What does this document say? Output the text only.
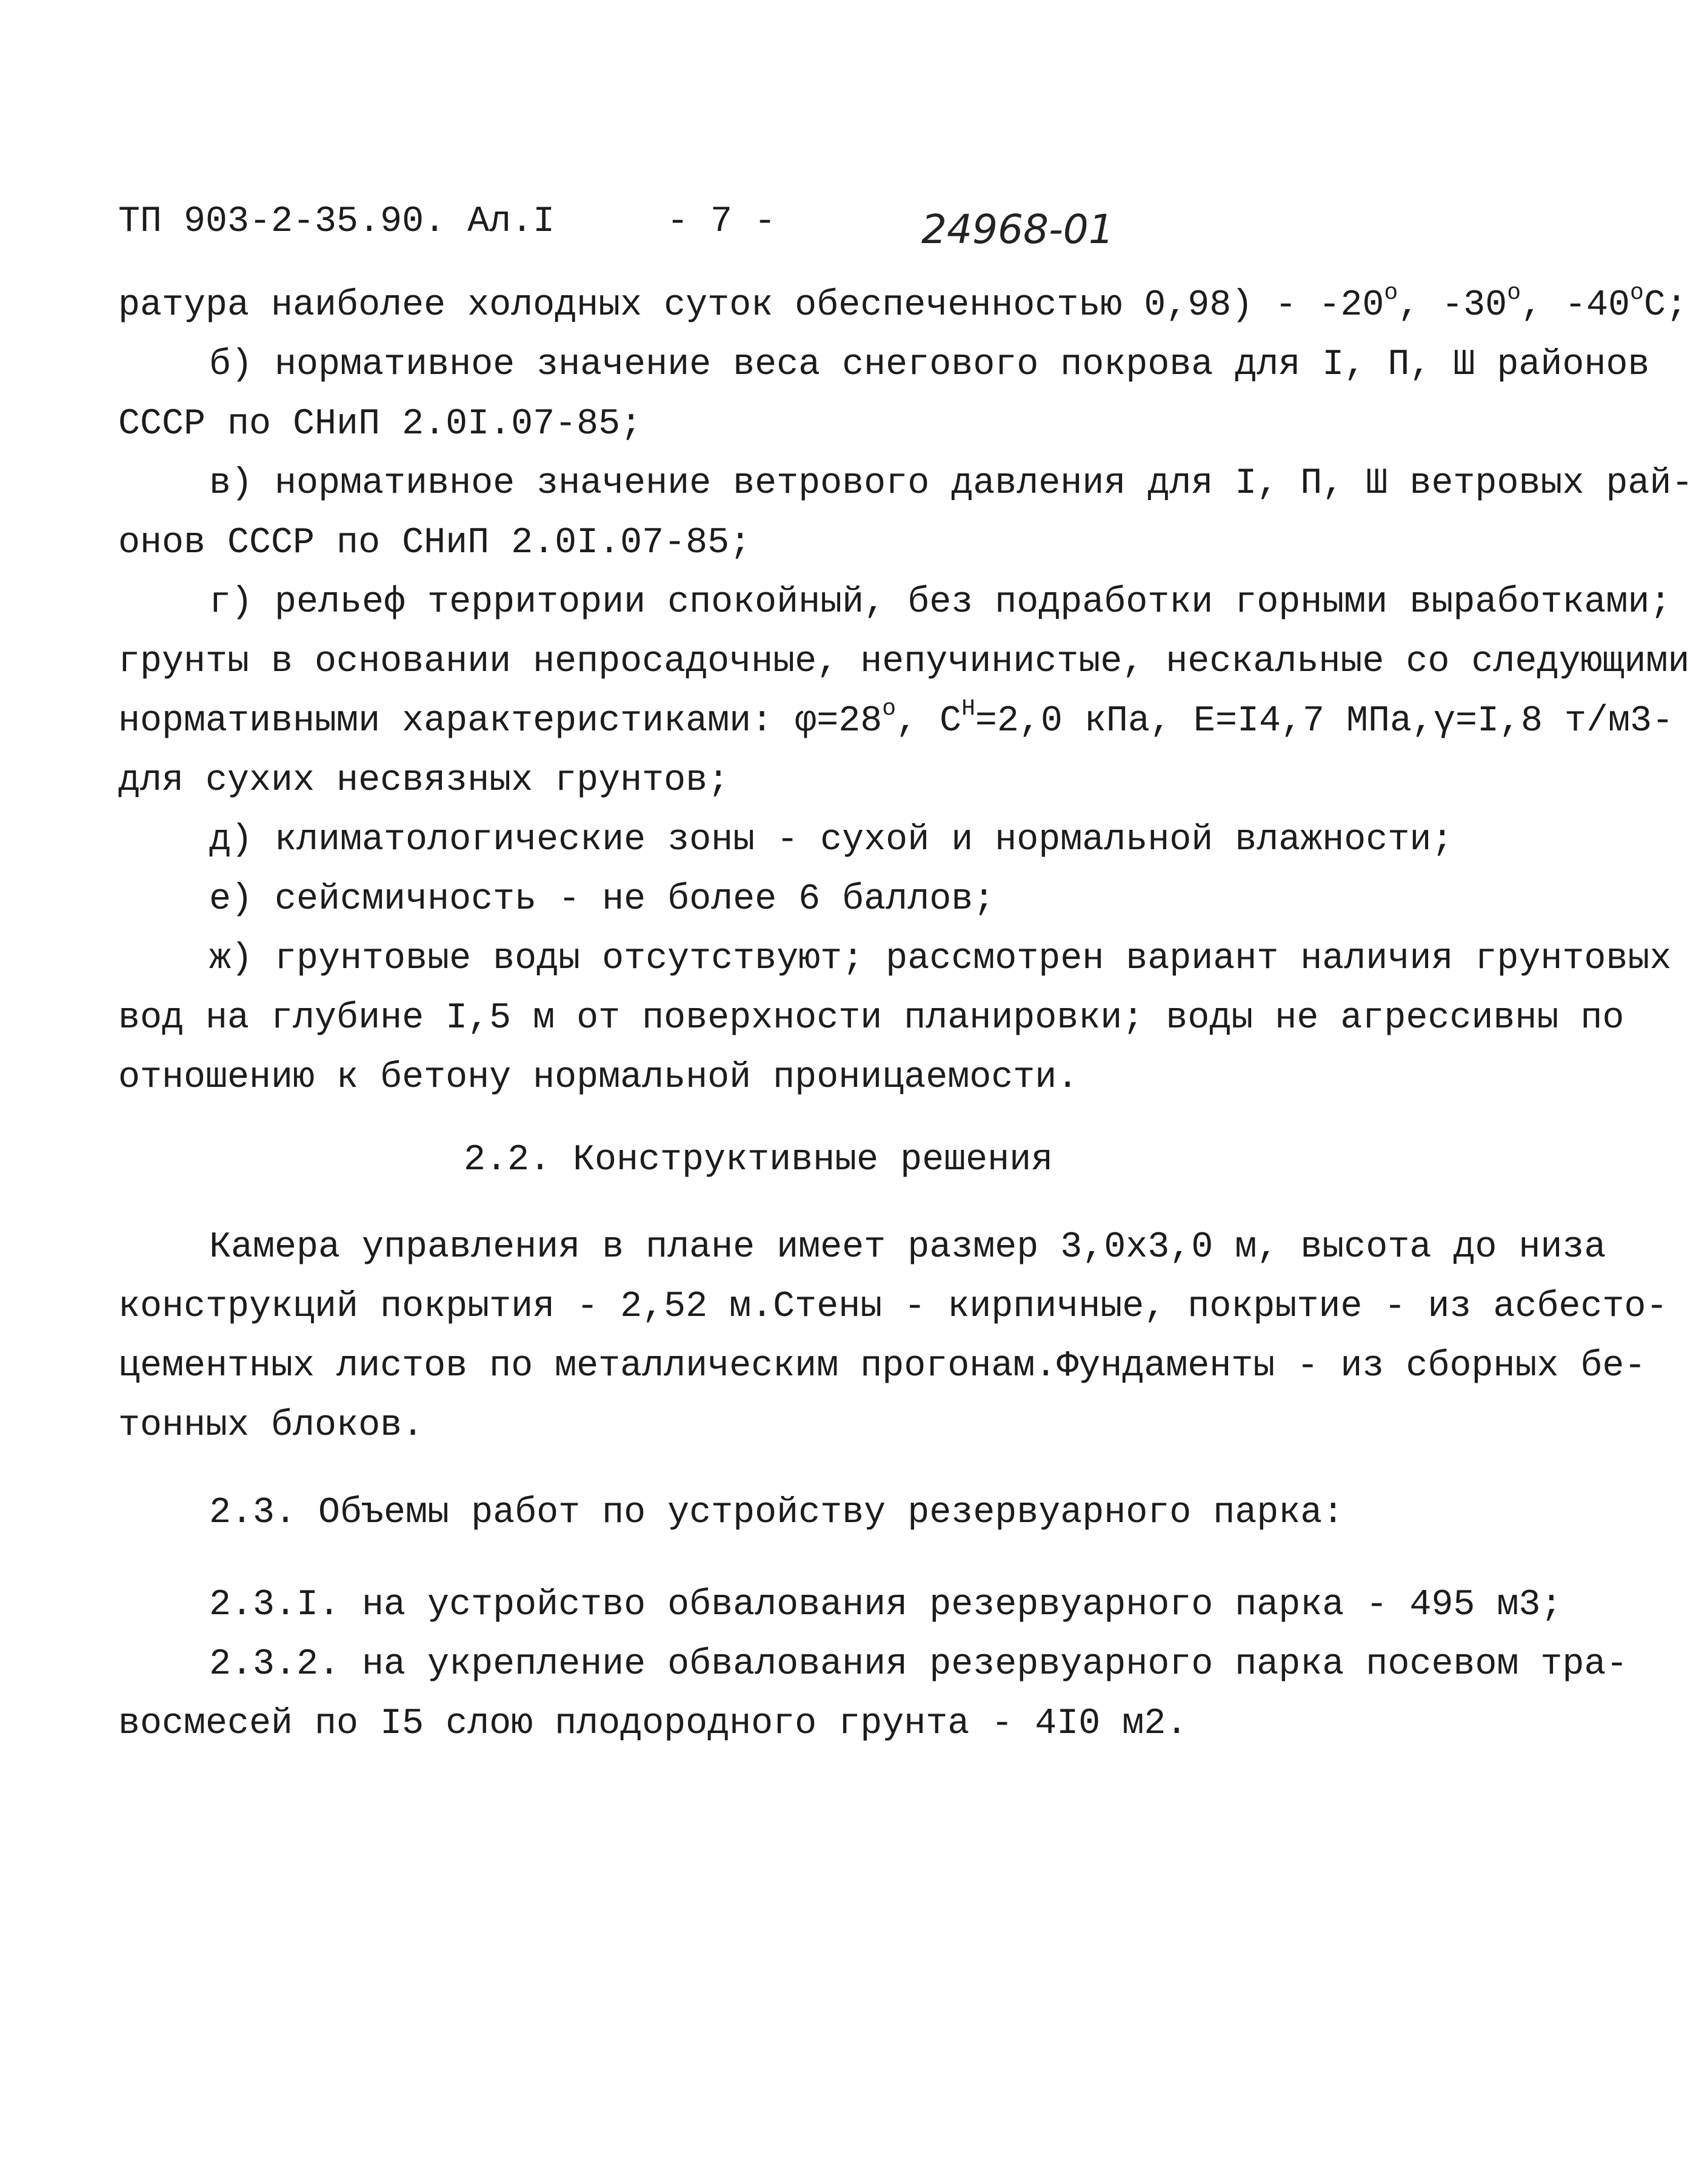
ТП 903-2-35.90. Ал.I	- 7 -	24968-01
ратура наиболее холодных суток обеспеченностью $0,98) - -20^о$, $-30^о$, $-40^оС$;
б) нормативное значение веса снегового покрова для I, П, Ш районов
СССР по СНиП 2.0I.07-85;
в) нормативное значение ветрового давления для I, П, Ш ветровых рай-
онов СССР по СНиП 2.0I.07-85;
г) рельеф территории спокойный, без подработки горными выработками;
грунты в основании непросадочные, непучинистые, нескальные со следующими
нормативными характеристиками: $\varphi=28^о$, $С^Н=2,0$ кПа, Е=I4,7 МПа,γ=I,8 т/м3-
для сухих несвязных грунтов;
д) климатологические зоны - сухой и нормальной влажности;
е) сейсмичность - не более 6 баллов;
ж) грунтовые воды отсутствуют; рассмотрен вариант наличия грунтовых
вод на глубине I,5 м от поверхности планировки; воды не агрессивны по
отношению к бетону нормальной проницаемости.
2.2. Конструктивные решения
Камера управления в плане имеет размер 3,0х3,0 м, высота до низа
конструкций покрытия - 2,52 м.Стены - кирпичные, покрытие - из асбесто-
цементных листов по металлическим прогонам.Фундаменты - из сборных бе-
тонных блоков.
2.3. Объемы работ по устройству резервуарного парка:
2.3.I. на устройство обвалования резервуарного парка - 495 м3;
2.3.2. на укрепление обвалования резервуарного парка посевом тра-
восмесей по I5 слою плодородного грунта - 4I0 м2.
